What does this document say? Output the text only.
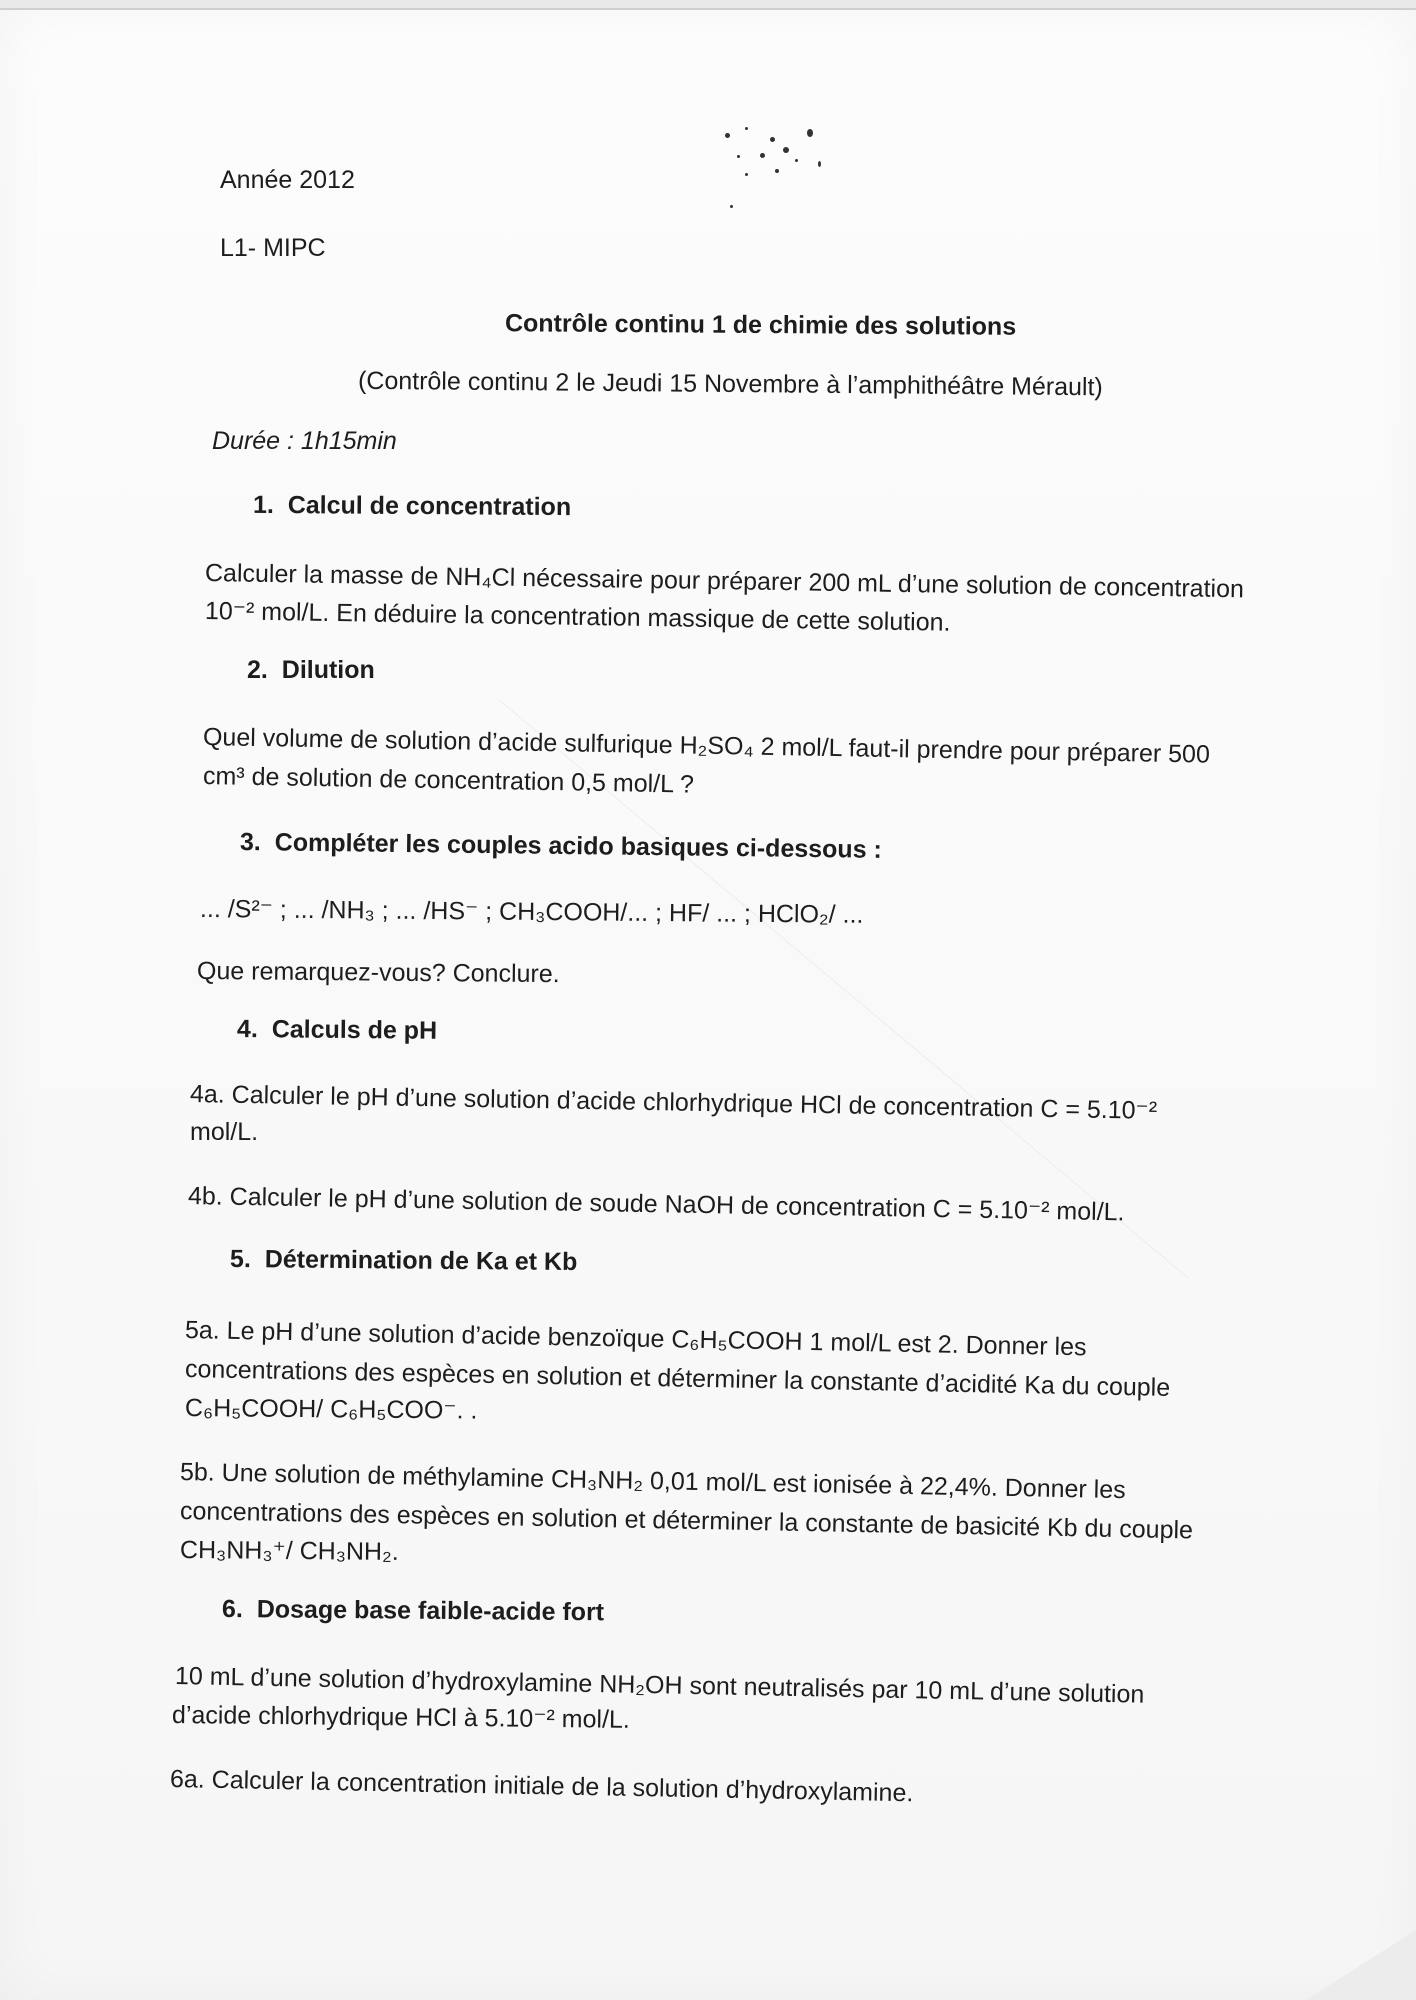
Année 2012
L1- MIPC
Contrôle continu 1 de chimie des solutions
(Contrôle continu 2 le Jeudi 15 Novembre à l’amphithéâtre Mérault)
Durée : 1h15min
1. Calcul de concentration
Calculer la masse de NH₄Cl nécessaire pour préparer 200 mL d’une solution de concentration
10⁻² mol/L. En déduire la concentration massique de cette solution.
2. Dilution
Quel volume de solution d’acide sulfurique H₂SO₄ 2 mol/L faut-il prendre pour préparer 500
cm³ de solution de concentration 0,5 mol/L ?
3. Compléter les couples acido basiques ci-dessous :
... /S²⁻ ; ... /NH₃ ; ... /HS⁻ ; CH₃COOH/... ; HF/ ... ; HClO₂/ ...
Que remarquez-vous? Conclure.
4. Calculs de pH
4a. Calculer le pH d’une solution d’acide chlorhydrique HCl de concentration C = 5.10⁻²
mol/L.
4b. Calculer le pH d’une solution de soude NaOH de concentration C = 5.10⁻² mol/L.
5. Détermination de Ka et Kb
5a. Le pH d’une solution d’acide benzoïque C₆H₅COOH 1 mol/L est 2. Donner les
concentrations des espèces en solution et déterminer la constante d’acidité Ka du couple
C₆H₅COOH/ C₆H₅COO⁻. .
5b. Une solution de méthylamine CH₃NH₂ 0,01 mol/L est ionisée à 22,4%. Donner les
concentrations des espèces en solution et déterminer la constante de basicité Kb du couple
CH₃NH₃⁺/ CH₃NH₂.
6. Dosage base faible-acide fort
10 mL d’une solution d’hydroxylamine NH₂OH sont neutralisés par 10 mL d’une solution
d’acide chlorhydrique HCl à 5.10⁻² mol/L.
6a. Calculer la concentration initiale de la solution d’hydroxylamine.
